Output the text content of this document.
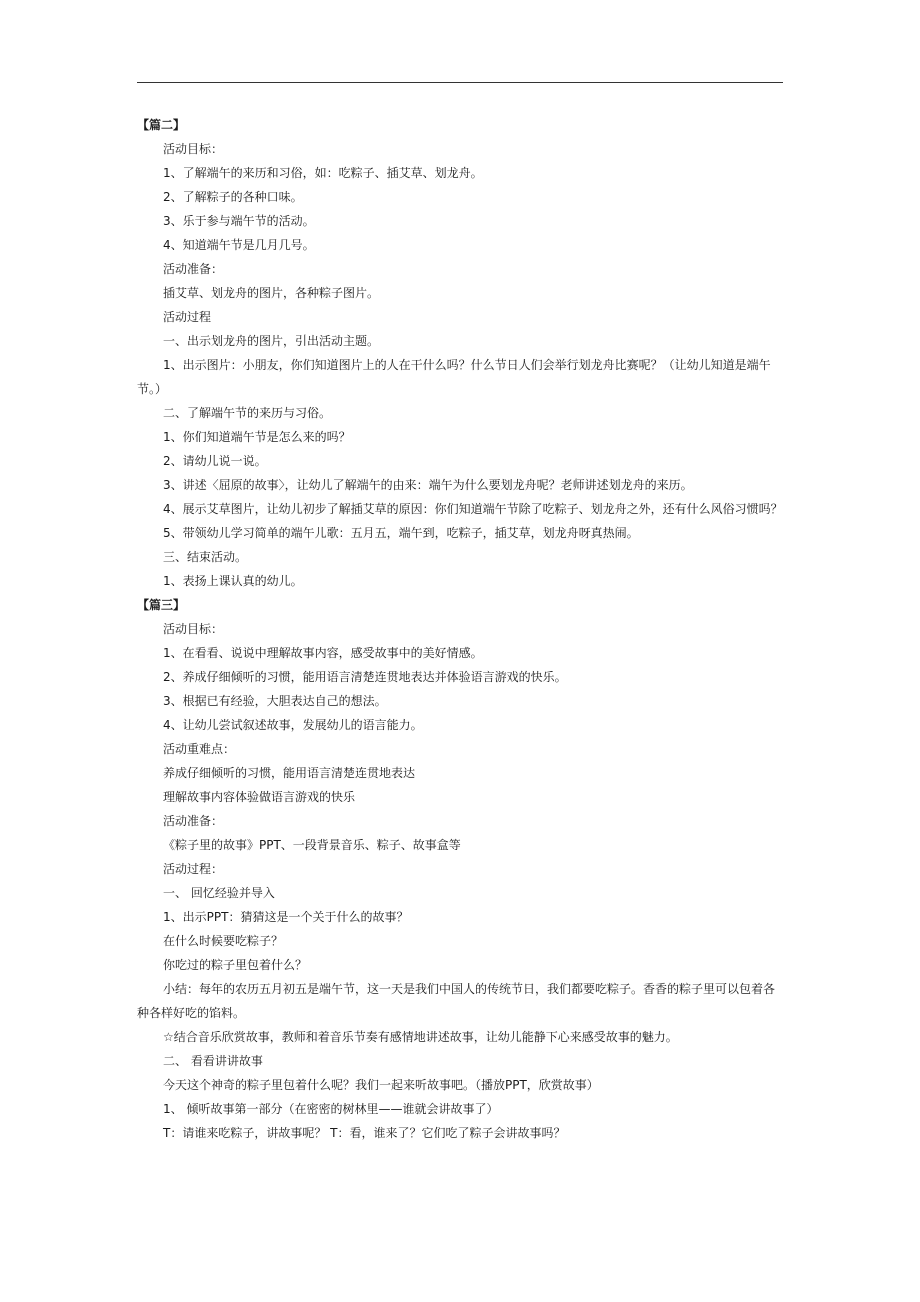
【篇二】

活动目标：

1、了解端午的来历和习俗，如：吃粽子、插艾草、划龙舟。

2、了解粽子的各种口味。

3、乐于参与端午节的活动。

4、知道端午节是几月几号。

活动准备：

插艾草、划龙舟的图片，各种粽子图片。

活动过程

一、出示划龙舟的图片，引出活动主题。

1、出示图片：小朋友，你们知道图片上的人在干什么吗？什么节日人们会举行划龙舟比赛呢？（让幼儿知道是端午节。）

二、了解端午节的来历与习俗。

1、你们知道端午节是怎么来的吗？

2、请幼儿说一说。

3、讲述〈屈原的故事〉，让幼儿了解端午的由来：端午为什么要划龙舟呢？老师讲述划龙舟的来历。

4、展示艾草图片，让幼儿初步了解插艾草的原因：你们知道端午节除了吃粽子、划龙舟之外，还有什么风俗习惯吗？

5、带领幼儿学习简单的端午儿歌：五月五，端午到，吃粽子，插艾草，划龙舟呀真热闹。

三、结束活动。

1、表扬上课认真的幼儿。

【篇三】

活动目标：

1、在看看、说说中理解故事内容，感受故事中的美好情感。

2、养成仔细倾听的习惯，能用语言清楚连贯地表达并体验语言游戏的快乐。

3、根据已有经验，大胆表达自己的想法。

4、让幼儿尝试叙述故事，发展幼儿的语言能力。

活动重难点：

养成仔细倾听的习惯，能用语言清楚连贯地表达

理解故事内容体验做语言游戏的快乐

活动准备：

《粽子里的故事》PPT、一段背景音乐、粽子、故事盒等

活动过程：

一、 回忆经验并导入

1、出示PPT：猜猜这是一个关于什么的故事？

在什么时候要吃粽子？

你吃过的粽子里包着什么？

小结：每年的农历五月初五是端午节，这一天是我们中国人的传统节日，我们都要吃粽子。香香的粽子里可以包着各种各样好吃的馅料。

☆结合音乐欣赏故事，教师和着音乐节奏有感情地讲述故事，让幼儿能静下心来感受故事的魅力。

二、 看看讲讲故事

今天这个神奇的粽子里包着什么呢？我们一起来听故事吧。（播放PPT，欣赏故事）

1、 倾听故事第一部分（在密密的树林里——谁就会讲故事了）

T：请谁来吃粽子，讲故事呢？ T：看，谁来了？它们吃了粽子会讲故事吗？
